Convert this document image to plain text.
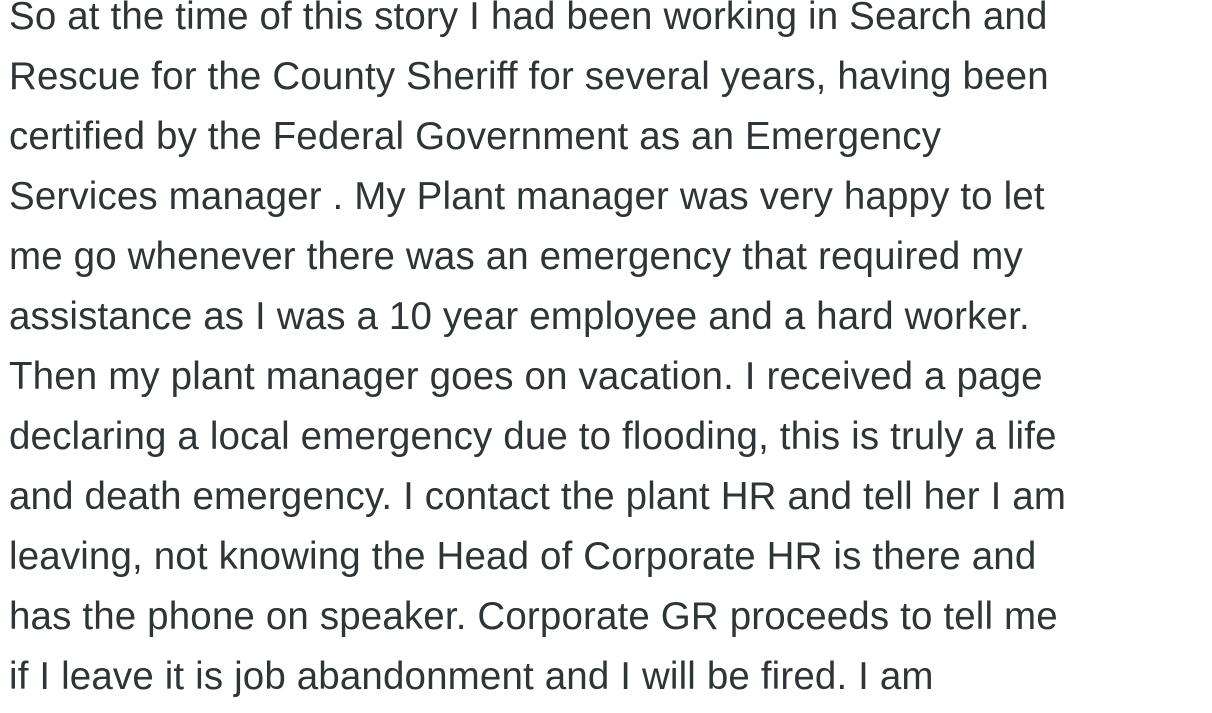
So at the time of this story I had been working in Search and
Rescue for the County Sheriff for several years, having been
certified by the Federal Government as an Emergency
Services manager . My Plant manager was very happy to let
me go whenever there was an emergency that required my
assistance as I was a 10 year employee and a hard worker.
Then my plant manager goes on vacation. I received a page
declaring a local emergency due to flooding, this is truly a life
and death emergency. I contact the plant HR and tell her I am
leaving, not knowing the Head of Corporate HR is there and
has the phone on speaker. Corporate GR proceeds to tell me
if I leave it is job abandonment and I will be fired. I am
